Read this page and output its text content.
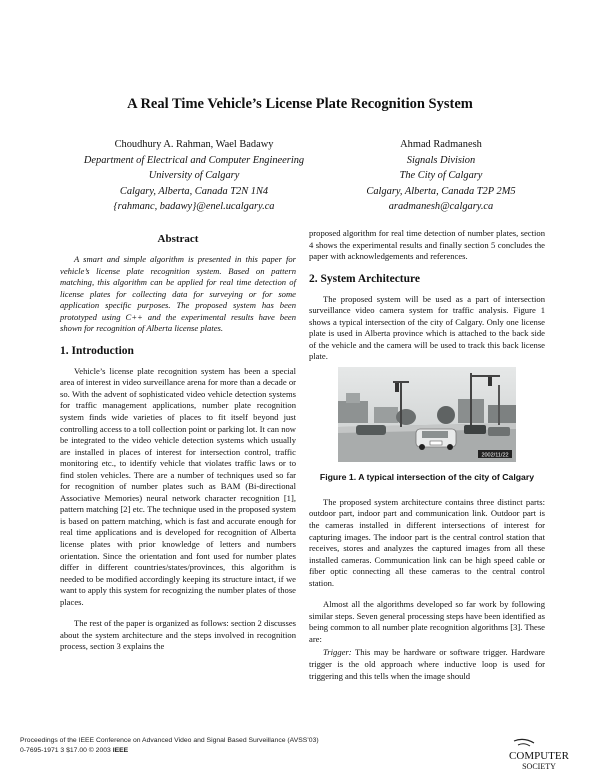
A Real Time Vehicle’s License Plate Recognition System
Choudhury A. Rahman, Wael Badawy
Department of Electrical and Computer Engineering
University of Calgary
Calgary, Alberta, Canada T2N 1N4
{rahmanc, badawy}@enel.ucalgary.ca
Ahmad Radmanesh
Signals Division
The City of Calgary
Calgary, Alberta, Canada T2P 2M5
aradmanesh@calgary.ca
Abstract

A smart and simple algorithm is presented in this paper for vehicle’s license plate recognition system. Based on pattern matching, this algorithm can be applied for real time detection of license plates for collecting data for surveying or for some application specific purposes. The proposed system has been prototyped using C++ and the experimental results have been shown for recognition of Alberta license plates.

1. Introduction

Vehicle’s license plate recognition system has been a special area of interest in video surveillance arena for more than a decade or so. With the advent of sophisticated video vehicle detection systems for traffic management applications, number plate recognition system finds wide varieties of places to fit itself beyond just controlling access to a toll collection point or parking lot. It can now be integrated to the video vehicle detection systems which usually are installed in places of interest for intersection control, traffic monitoring etc., to identify vehicle that violates traffic laws or to find stolen vehicles. There are a number of techniques used so far for recognition of number plates such as BAM (Bi-directional Associative Memories) neural network character recognition [1], pattern matching [2] etc. The technique used in the proposed system is based on pattern matching, which is fast and accurate enough for real time applications and is developed for recognition of Alberta license plates with prior knowledge of letters and numbers orientation. Since the orientation and font used for number plates differ in different countries/states/provinces, this algorithm is needed to be modified accordingly keeping its structure intact, if we want to apply this system for recognizing the number plates of those places.

The rest of the paper is organized as follows: section 2 discusses about the system architecture and the steps involved in recognition process, section 3 explains the

proposed algorithm for real time detection of number plates, section 4 shows the experimental results and finally section 5 concludes the paper with acknowledgements and references.

2. System Architecture

The proposed system will be used as a part of intersection surveillance video camera system for traffic analysis. Figure 1 shows a typical intersection of the city of Calgary. Only one license plate is used in Alberta province which is attached to the back side of the vehicle and the camera will be used to track this back license plate.

2002/11/22
Figure 1. A typical intersection of the city of Calgary

The proposed system architecture contains three distinct parts: outdoor part, indoor part and communication link. Outdoor part is the cameras installed in different intersections of interest for capturing images. The indoor part is the central control station that receives, stores and analyzes the captured images from all these installed cameras. Communication link can be high speed cable or fiber optic connecting all these cameras to the central control station.

Almost all the algorithms developed so far work by following similar steps. Seven general processing steps have been identified as being common to all number plate recognition algorithms [3]. These are:

Trigger: This may be hardware or software trigger. Hardware trigger is the old approach where inductive loop is used for triggering and this tells when the image should

Proceedings of the IEEE Conference on Advanced Video and Signal Based Surveillance (AVSS’03)
0-7695-1971 3 $17.00 © 2003 IEEE	COMPUTER
SOCIETY
